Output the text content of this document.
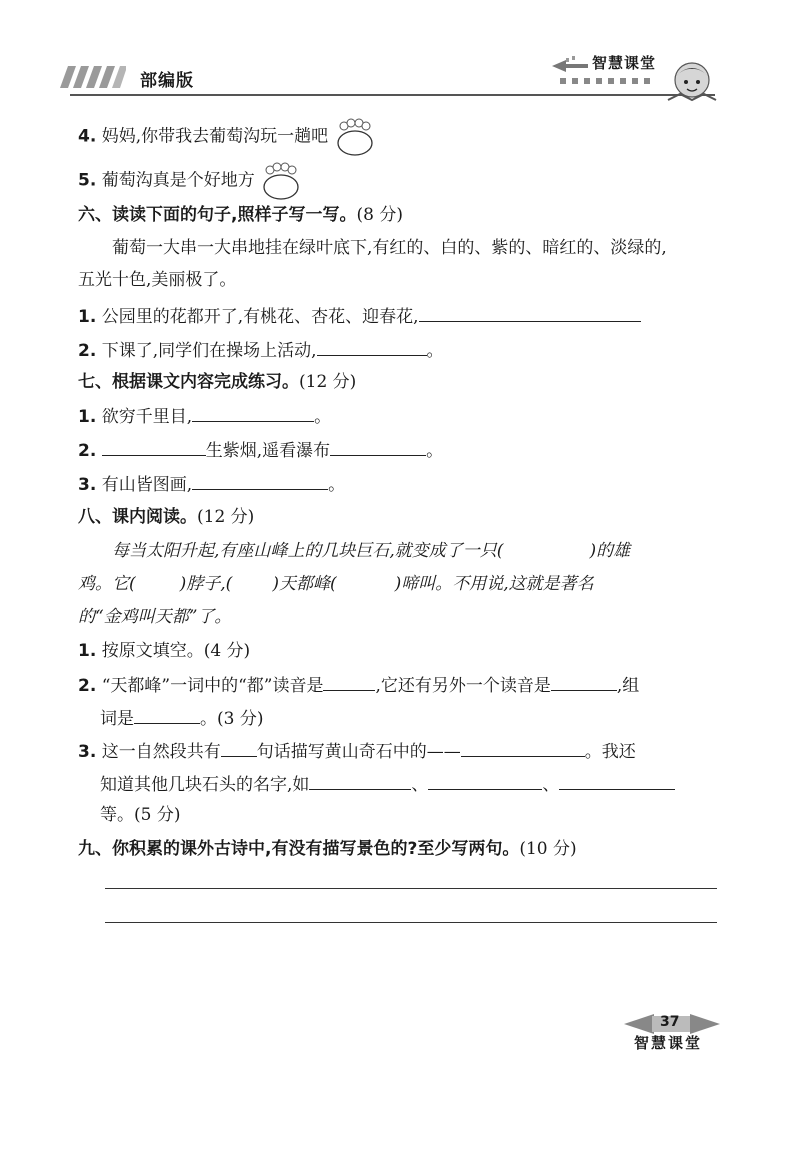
部编版
智慧课堂
4. 妈妈,你带我去葡萄沟玩一趟吧
5. 葡萄沟真是个好地方
六、读读下面的句子,照样子写一写。(8 分)
葡萄一大串一大串地挂在绿叶底下,有红的、白的、紫的、暗红的、淡绿的,
五光十色,美丽极了。
1. 公园里的花都开了,有桃花、杏花、迎春花,
2. 下课了,同学们在操场上活动,	。
七、根据课文内容完成练习。(12 分)
1. 欲穷千里目,	。
2.	生紫烟,遥看瀑布	。
3. 有山皆图画,	。
八、课内阅读。(12 分)
每当太阳升起,有座山峰上的几块巨石,就变成了一只(	)的雄
鸡。它(	)脖子,( )天都峰(	)啼叫。不用说,这就是著名
的“金鸡叫天都”了。
1. 按原文填空。(4 分)
2. “天都峰”一词中的“都”读音是	,它还有另外一个读音是	,组
词是	。(3 分)
3. 这一自然段共有 句话描写黄山奇石中的——	。我还
知道其他几块石头的名字,如	、	、
等。(5 分)
九、你积累的课外古诗中,有没有描写景色的?至少写两句。(10 分)
37
智慧课堂
